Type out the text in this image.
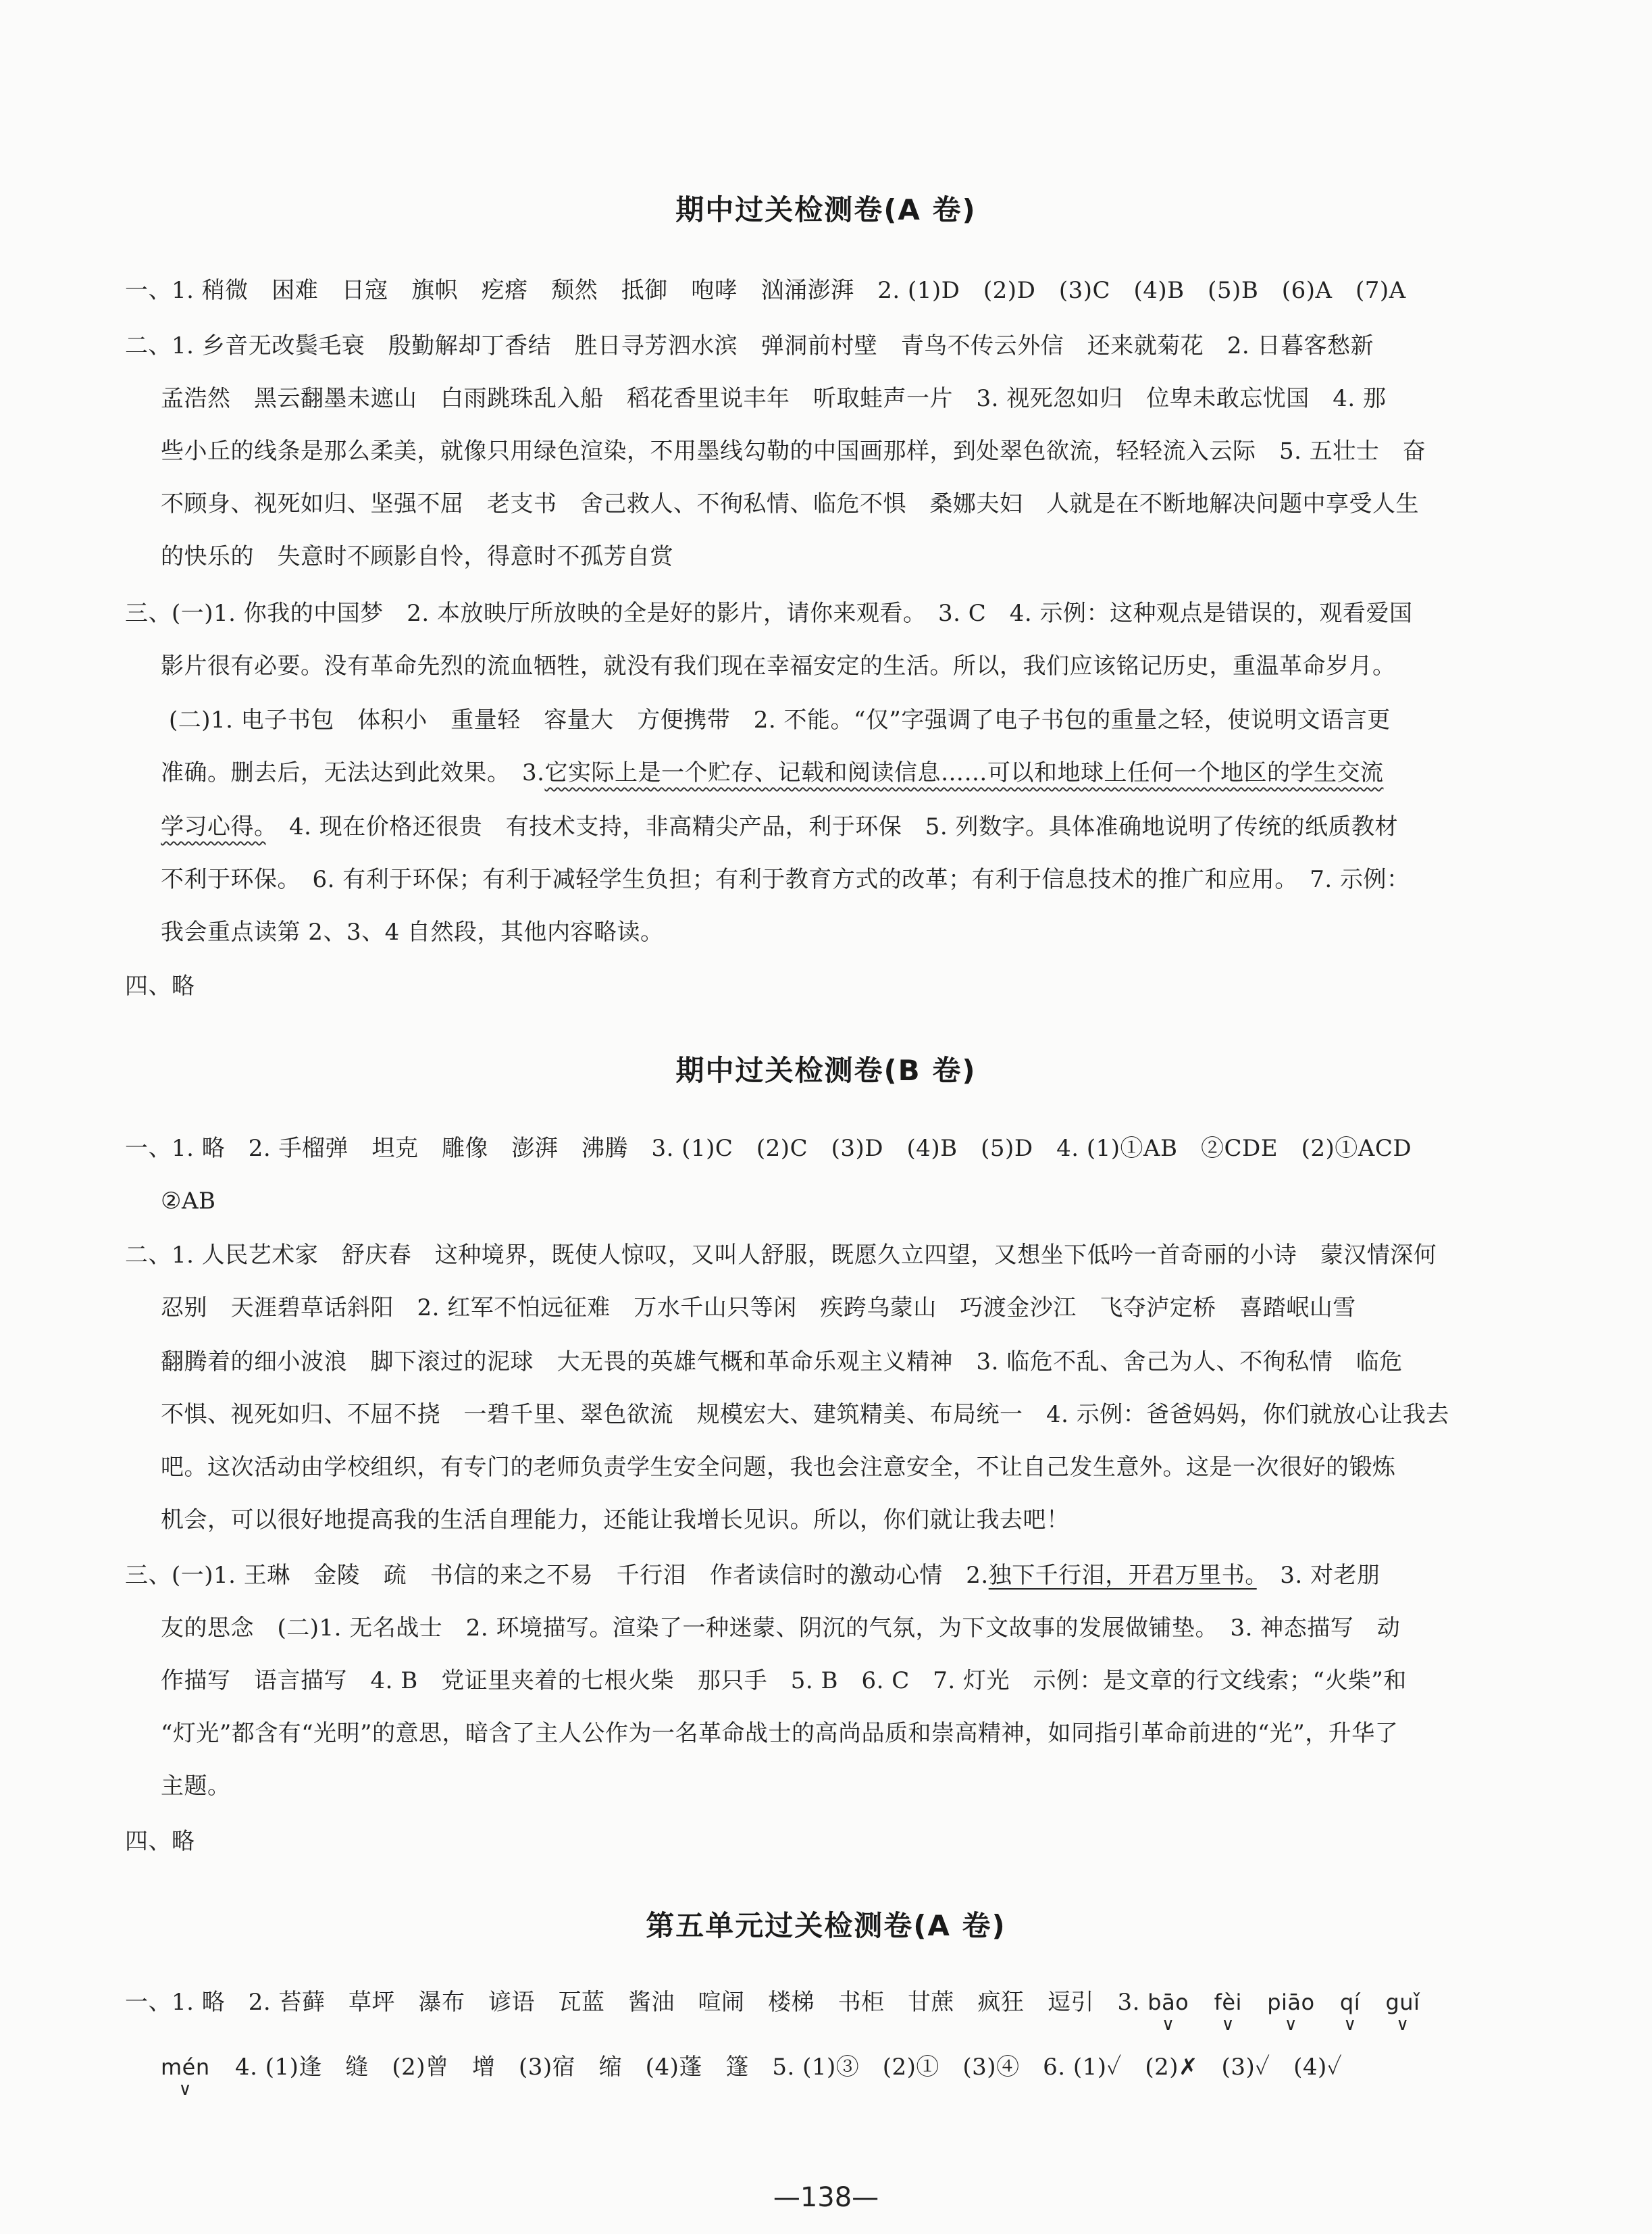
期中过关检测卷(A 卷)
一、1. 稍微　困难　日寇　旗帜　疙瘩　颓然　抵御　咆哮　汹涌澎湃　2. (1)D　(2)D　(3)C　(4)B　(5)B　(6)A　(7)A
二、1. 乡音无改鬓毛衰　殷勤解却丁香结　胜日寻芳泗水滨　弹洞前村壁　青鸟不传云外信　还来就菊花　2. 日暮客愁新
孟浩然　黑云翻墨未遮山　白雨跳珠乱入船　稻花香里说丰年　听取蛙声一片　3. 视死忽如归　位卑未敢忘忧国　4. 那
些小丘的线条是那么柔美，就像只用绿色渲染，不用墨线勾勒的中国画那样，到处翠色欲流，轻轻流入云际　5. 五壮士　奋
不顾身、视死如归、坚强不屈　老支书　舍己救人、不徇私情、临危不惧　桑娜夫妇　人就是在不断地解决问题中享受人生
的快乐的　失意时不顾影自怜，得意时不孤芳自赏
三、(一)1. 你我的中国梦　2. 本放映厅所放映的全是好的影片，请你来观看。　3. C　4. 示例：这种观点是错误的，观看爱国
影片很有必要。没有革命先烈的流血牺牲，就没有我们现在幸福安定的生活。所以，我们应该铭记历史，重温革命岁月。
(二)1. 电子书包　体积小　重量轻　容量大　方便携带　2. 不能。“仅”字强调了电子书包的重量之轻，使说明文语言更
准确。删去后，无法达到此效果。　3.它实际上是一个贮存、记载和阅读信息……可以和地球上任何一个地区的学生交流
学习心得。　 4. 现在价格还很贵　有技术支持，非高精尖产品，利于环保　5. 列数字。具体准确地说明了传统的纸质教材
不利于环保。　6. 有利于环保；有利于减轻学生负担；有利于教育方式的改革；有利于信息技术的推广和应用。　7. 示例：
我会重点读第 2、3、4 自然段，其他内容略读。
四、略
期中过关检测卷(B 卷)
一、1. 略　2. 手榴弹　坦克　雕像　澎湃　沸腾　3. (1)C　(2)C　(3)D　(4)B　(5)D　4. (1)①AB　②CDE　(2)①ACD
②AB
二、1. 人民艺术家　舒庆春　这种境界，既使人惊叹，又叫人舒服，既愿久立四望，又想坐下低吟一首奇丽的小诗　蒙汉情深何
忍别　天涯碧草话斜阳　2. 红军不怕远征难　万水千山只等闲　疾跨乌蒙山　巧渡金沙江　飞夺泸定桥　喜踏岷山雪
翻腾着的细小波浪　脚下滚过的泥球　大无畏的英雄气概和革命乐观主义精神　3. 临危不乱、舍己为人、不徇私情　临危
不惧、视死如归、不屈不挠　一碧千里、翠色欲流　规模宏大、建筑精美、布局统一　4. 示例：爸爸妈妈，你们就放心让我去
吧。这次活动由学校组织，有专门的老师负责学生安全问题，我也会注意安全，不让自己发生意外。这是一次很好的锻炼
机会，可以很好地提高我的生活自理能力，还能让我增长见识。所以，你们就让我去吧！
三、(一)1. 王琳　金陵　疏　书信的来之不易　千行泪　作者读信时的激动心情　2.独下千行泪，开君万里书。　 3. 对老朋
友的思念　(二)1. 无名战士　2. 环境描写。渲染了一种迷蒙、阴沉的气氛，为下文故事的发展做铺垫。　3. 神态描写　动
作描写　语言描写　4. B　党证里夹着的七根火柴　那只手　5. B　6. C　7. 灯光　示例：是文章的行文线索；“火柴”和
“灯光”都含有“光明”的意思，暗含了主人公作为一名革命战士的高尚品质和崇高精神，如同指引革命前进的“光”，升华了
主题。
四、略
第五单元过关检测卷(A 卷)
一、1. 略　2. 苔藓　草坪　瀑布　谚语　瓦蓝　酱油　喧闹　楼梯　书柜　甘蔗　疯狂　逗引　3. bāo
∨
fèi
∨
piāo
∨
qí
∨
guǐ
∨
mén
∨
4. (1)逢　缝　(2)曾　增　(3)宿　缩　(4)蓬　篷　5. (1)③　(2)①　(3)④　6. (1)✓　(2)✗　(3)✓　(4)✓
—138—
